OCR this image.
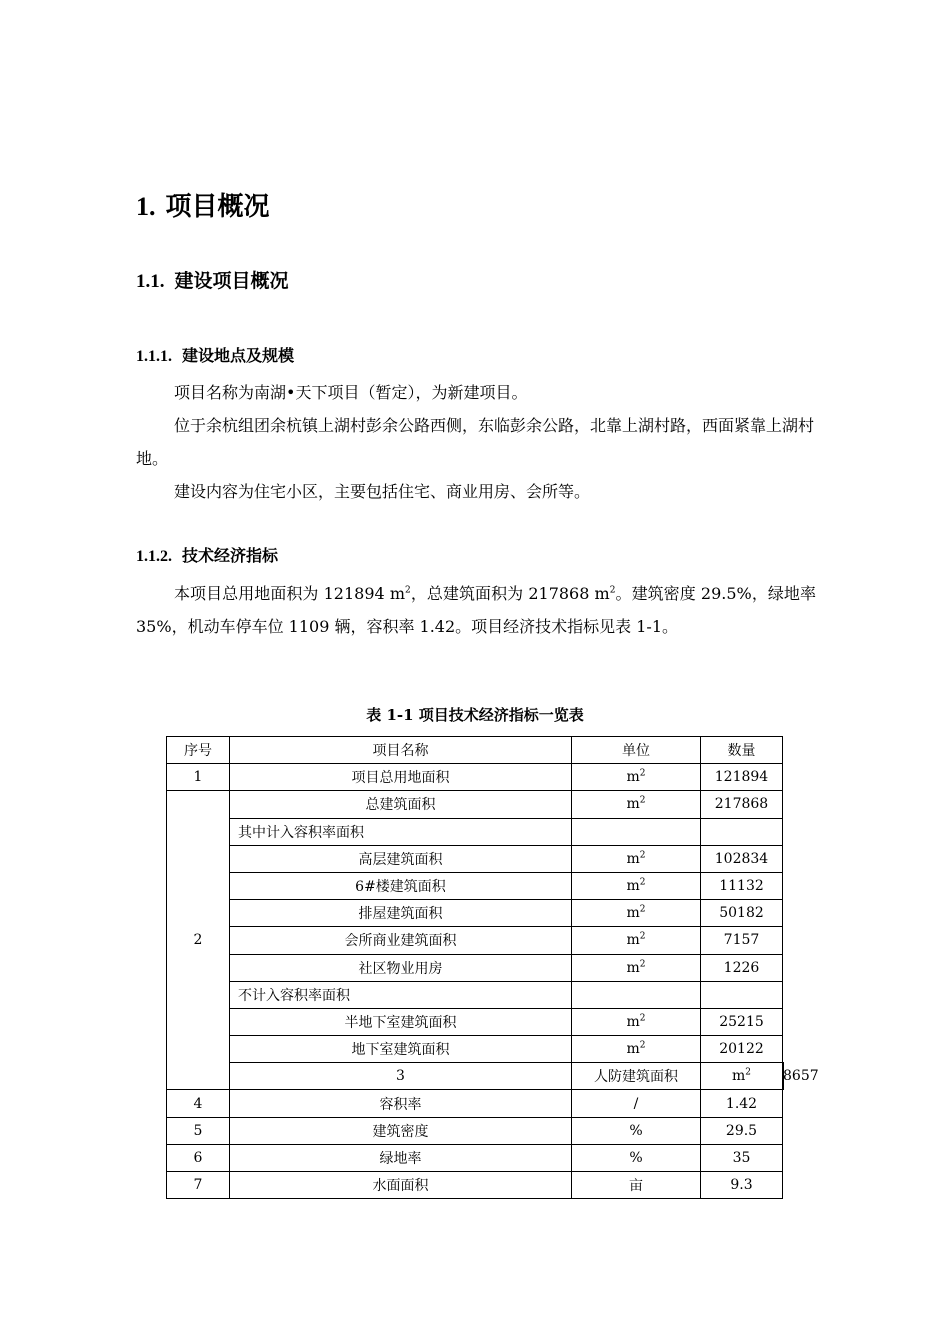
1. 项目概况
1.1. 建设项目概况
1.1.1. 建设地点及规模

项目名称为南湖•天下项目（暂定），为新建项目。

位于余杭组团余杭镇上湖村彭余公路西侧，东临彭余公路，北靠上湖村路，西面紧靠上湖村地。

建设内容为住宅小区，主要包括住宅、商业用房、会所等。

1.1.2. 技术经济指标

本项目总用地面积为 121894 $m^2$，总建筑面积为 217868 $m^2$。建筑密度 29.5%，绿地率 35%，机动车停车位 1109 辆，容积率 1.42。项目经济技术指标见表 1-1。

表 1-1 项目技术经济指标一览表
序号	项目名称	单位	数量	
1	项目总用地面积	$m^2$	121894	
2	总建筑面积	$m^2$	217868	
	其中计入容积率面积			
	高层建筑面积	$m^2$	102834	
	6#楼建筑面积	$m^2$	11132	
	排屋建筑面积	$m^2$	50182	
	会所商业建筑面积	$m^2$	7157	
	社区物业用房	$m^2$	1226	
	不计入容积率面积			
	半地下室建筑面积	$m^2$	25215	
	地下室建筑面积	$m^2$	20122	
	3	人防建筑面积	$m^2$	8657
4	容积率	/	1.42	
5	建筑密度	%	29.5	
6	绿地率	%	35	
7	水面面积	亩	9.3	
